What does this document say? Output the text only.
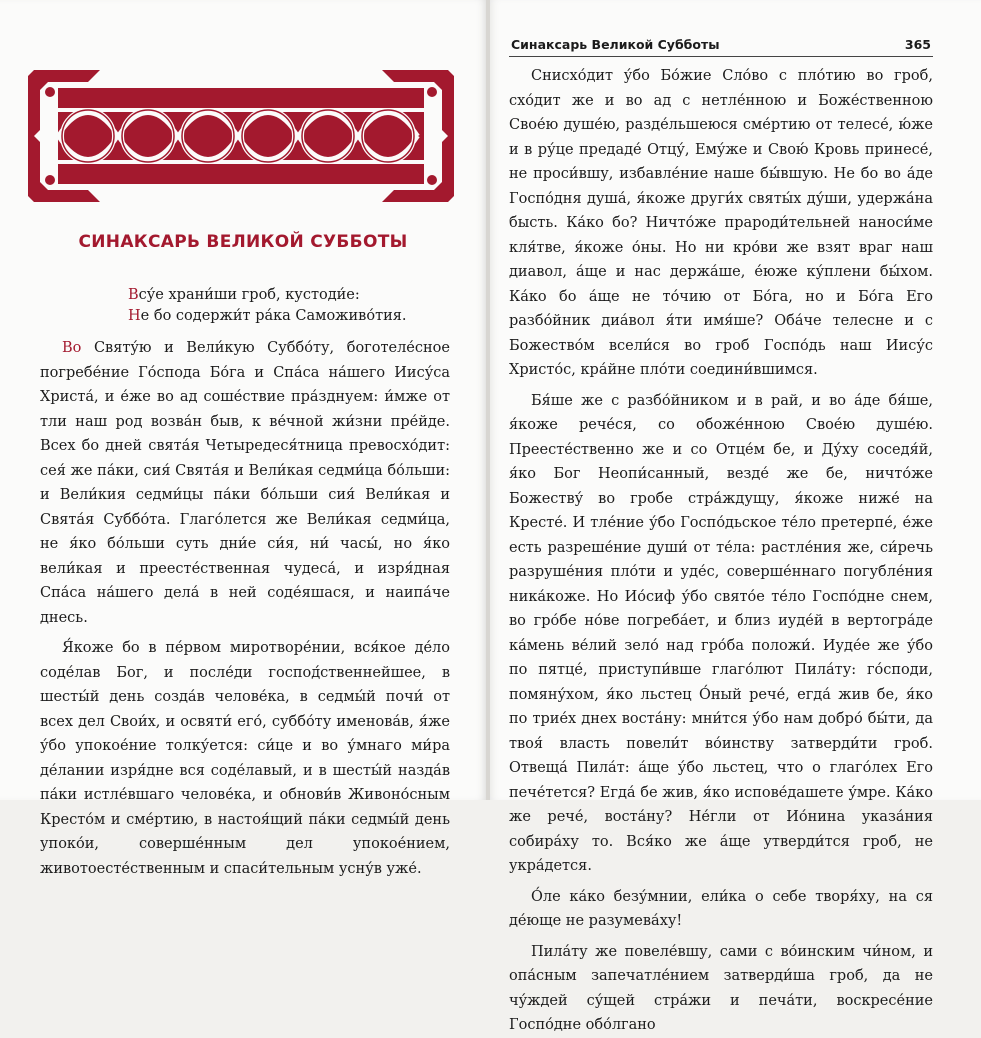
СИНАКСАРЬ ВЕЛИКОЙ СУББОТЫ
Всу́е храни́ши гроб, кустоди́е:
Не бо содержи́т ра́ка Саможиво́тия.

Во Святу́ю и Вели́кую Суббо́ту, боготеле́сное погребе́ние Го́спода Бо́га и Спа́са на́шего Иису́са Христа́, и е́же во ад соше́ствие пра́зднуем: и́мже от тли наш род возва́н быв, к ве́чной жи́зни пре́йде. Всех бо дней свята́я Четыредеся́тница превосхо́дит: сея́ же па́ки, сия́ Свята́я и Вели́кая седми́ца бо́льши: и Вели́кия седми́цы па́ки бо́льши сия́ Вели́кая и Свята́я Суббо́та. Глаго́лется же Вели́кая седми́ца, не я́ко бо́льши суть дни́е си́я, ни́ часы́, но я́ко вели́кая и преесте́ственная чудеса́, и изря́дная Спа́са на́шего дела́ в ней соде́яшася, и наипа́че днесь.

Я́коже бо в пе́рвом миротворе́нии, вся́кое де́ло соде́лав Бог, и после́ди господ́ственнейшее, в шесты́й день созда́в челове́ка, в седмы́й почи́ от всех дел Свои́х, и освяти́ его́, суббо́ту именова́в, я́же у́бо упокое́ние толку́ется: си́це и во у́мнаго ми́ра де́лании изря́дне вся соде́лавый, и в шесты́й назда́в па́ки истле́вшаго челове́ка, и обнови́в Живоно́сным Кресто́м и сме́ртию, в настоя́щий па́ки седмы́й день упоко́и, соверше́нным дел упокое́нием, животоесте́ственным и спаси́тельным усну́в уже́.

Синаксарь Великой Субботы	365

Снисхо́дит у́бо Бо́жие Сло́во с пло́тию во гроб, схо́дит же и во ад с нетле́нною и Боже́ственною Свое́ю душе́ю, разде́льшеюся сме́ртию от телесе́, ю́же и в ру́це предаде́ Отцу́, Ему́же и Свою́ Кровь принесе́, не проси́вшу, избавле́ние наше бы́вшую. Не бо во а́де Госпо́дня душа́, я́коже други́х святы́х ду́ши, удержа́на бысть. Ка́ко бо? Ничто́же прароди́тельней наноси́ме кля́тве, я́коже о́ны. Но ни кро́ви же взят враг наш диавол, а́ще и нас держа́ше, е́юже ку́плени бы́хом. Ка́ко бо а́ще не то́чию от Бо́га, но и Бо́га Его разбо́йник диа́вол я́ти имя́ше? Оба́че телесне и с Божество́м всели́ся во гроб Госпо́дь наш Иису́с Христо́с, кра́йне пло́ти соедини́вшимся.

Бя́ше же с разбо́йником и в рай, и во а́де бя́ше, я́коже рече́ся, со обоже́нною Свое́ю душе́ю. Преесте́ственно же и со Отце́м бе, и Ду́ху соседя́й, я́ко Бог Неопи́санный, везде́ же бе, ничто́же Божеству́ во гробе стра́ждущу, я́коже ниже́ на Кресте́. И тле́ние у́бо Госпо́дьское те́ло претерпе́, е́же есть разреше́ние души́ от те́ла: растле́ния же, си́речь разруше́ния пло́ти и уде́с, соверше́ннаго погубле́ния ника́коже. Но Ио́сиф у́бо свято́е те́ло Госпо́дне снем, во гро́бе но́ве погреба́ет, и близ иуде́й в вертогра́де ка́мень ве́лий зело́ над гро́ба положи́. Иуде́е же у́бо по пятце́, приступи́вше глаго́лют Пила́ту: го́споди, помяну́хом, я́ко льстец О́ный рече́, егда́ жив бе, я́ко по трие́х днех воста́ну: мни́тся у́бо нам добро́ бы́ти, да твоя́ власть повели́т во́инству затверди́ти гроб. Отвеща́ Пила́т: а́ще у́бо льстец, что о глаго́лех Его пече́тется? Егда́ бе жив, я́ко испове́дашете у́мре. Ка́ко же рече́, воста́ну? Не́гли от Ио́нина указа́ния собира́ху то. Вся́ко же а́ще утверди́тся гроб, не укра́дется.

О́ле ка́ко безу́мнии, ели́ка о себе творя́ху, на ся де́юще не разумева́ху!

Пила́ту же повеле́вшу, сами с во́инским чи́ном, и опа́сным запечатле́нием затверди́ша гроб, да не чу́ждей су́щей стра́жи и печа́ти, воскресе́ние Госпо́дне обо́лгано
